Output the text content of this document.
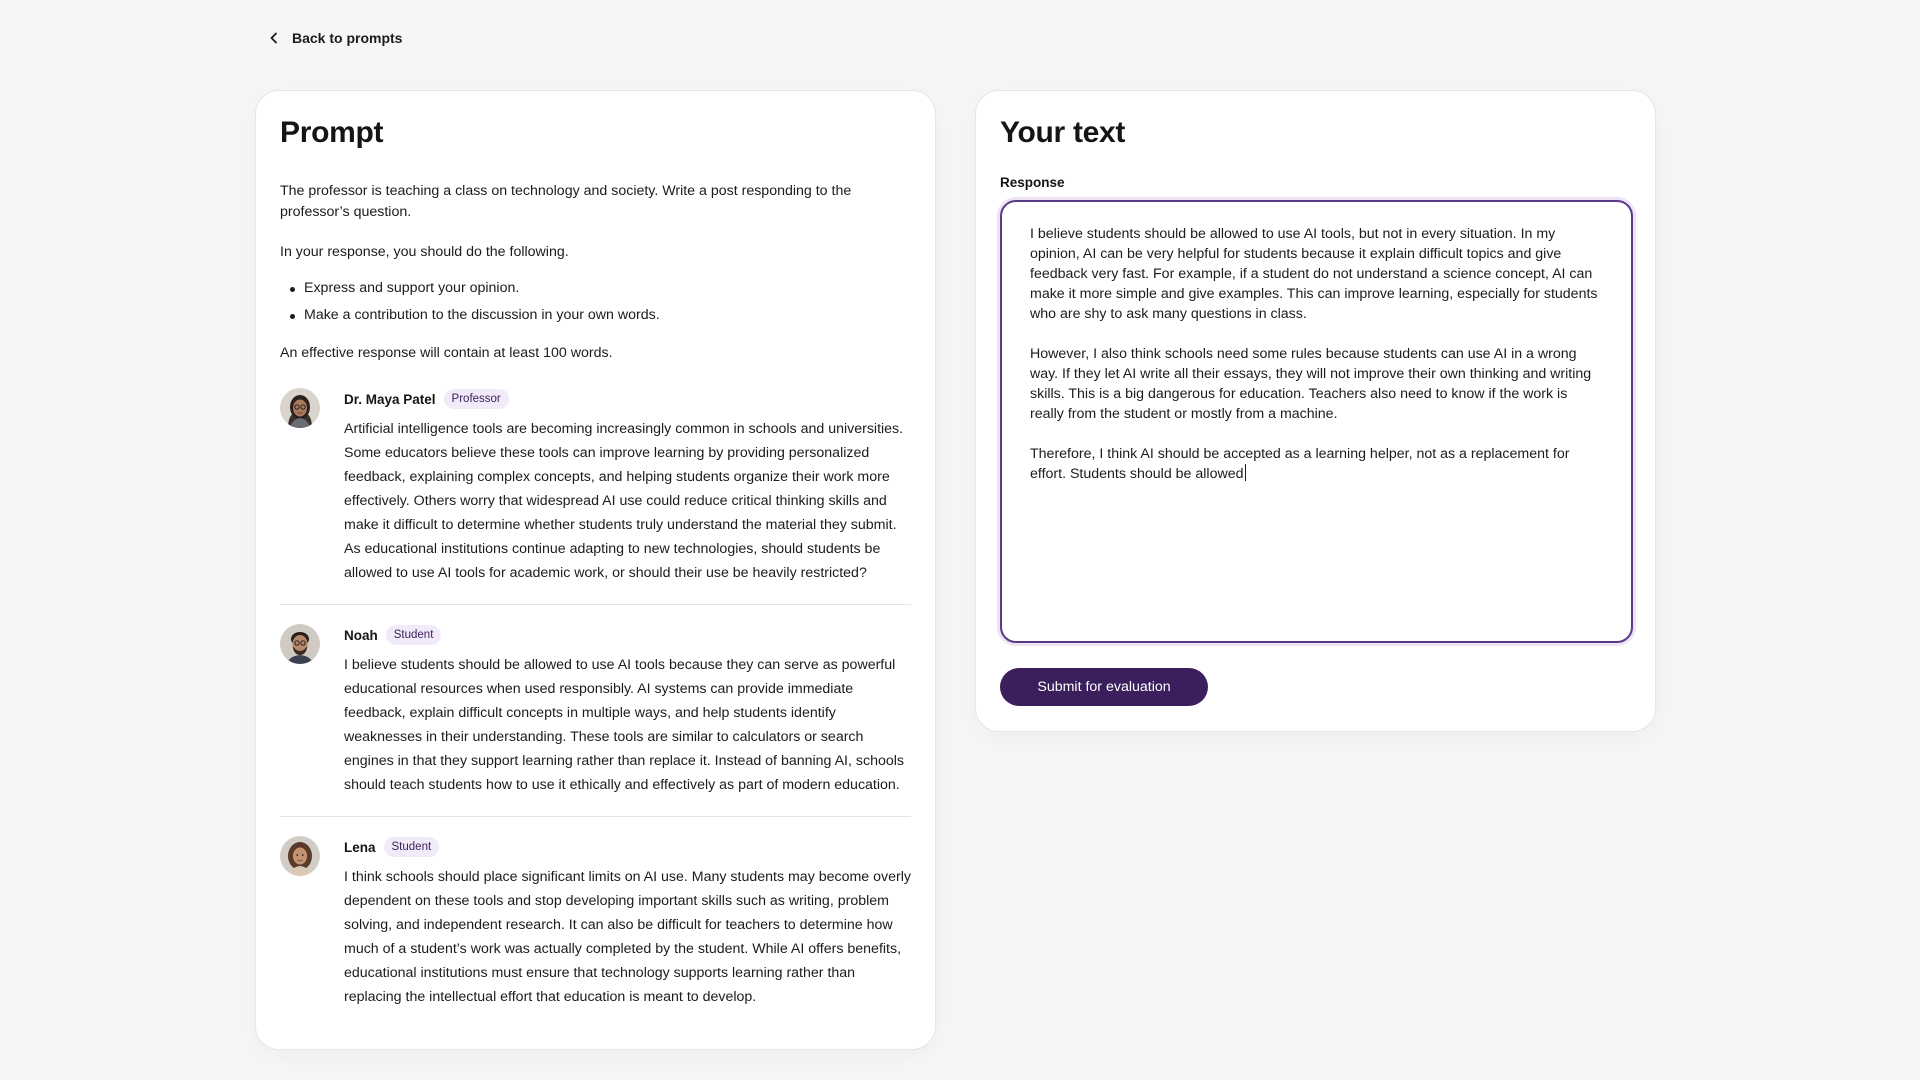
Back to prompts
Prompt

The professor is teaching a class on technology and society. Write a post responding to the professor’s question.

In your response, you should do the following.

Express and support your opinion.
Make a contribution to the discussion in your own words.

An effective response will contain at least 100 words.

Dr. Maya Patel	Professor
Artificial intelligence tools are becoming increasingly common in schools and universities. Some educators believe these tools can improve learning by providing personalized feedback, explaining complex concepts, and helping students organize their work more effectively. Others worry that widespread AI use could reduce critical thinking skills and make it difficult to determine whether students truly understand the material they submit. As educational institutions continue adapting to new technologies, should students be allowed to use AI tools for academic work, or should their use be heavily restricted?
Noah	Student
I believe students should be allowed to use AI tools because they can serve as powerful educational resources when used responsibly. AI systems can provide immediate feedback, explain difficult concepts in multiple ways, and help students identify weaknesses in their understanding. These tools are similar to calculators or search engines in that they support learning rather than replace it. Instead of banning AI, schools should teach students how to use it ethically and effectively as part of modern education.
Lena	Student
I think schools should place significant limits on AI use. Many students may become overly dependent on these tools and stop developing important skills such as writing, problem solving, and independent research. It can also be difficult for teachers to determine how much of a student’s work was actually completed by the student. While AI offers benefits, educational institutions must ensure that technology supports learning rather than replacing the intellectual effort that education is meant to develop.
Your text
Response

I believe students should be allowed to use AI tools, but not in every situation. In my opinion, AI can be very helpful for students because it explain difficult topics and give feedback very fast. For example, if a student do not understand a science concept, AI can make it more simple and give examples. This can improve learning, especially for students who are shy to ask many questions in class.

However, I also think schools need some rules because students can use AI in a wrong way. If they let AI write all their essays, they will not improve their own thinking and writing skills. This is a big dangerous for education. Teachers also need to know if the work is really from the student or mostly from a machine.

Therefore, I think AI should be accepted as a learning helper, not as a replacement for effort. Students should be allowed

Submit for evaluation
